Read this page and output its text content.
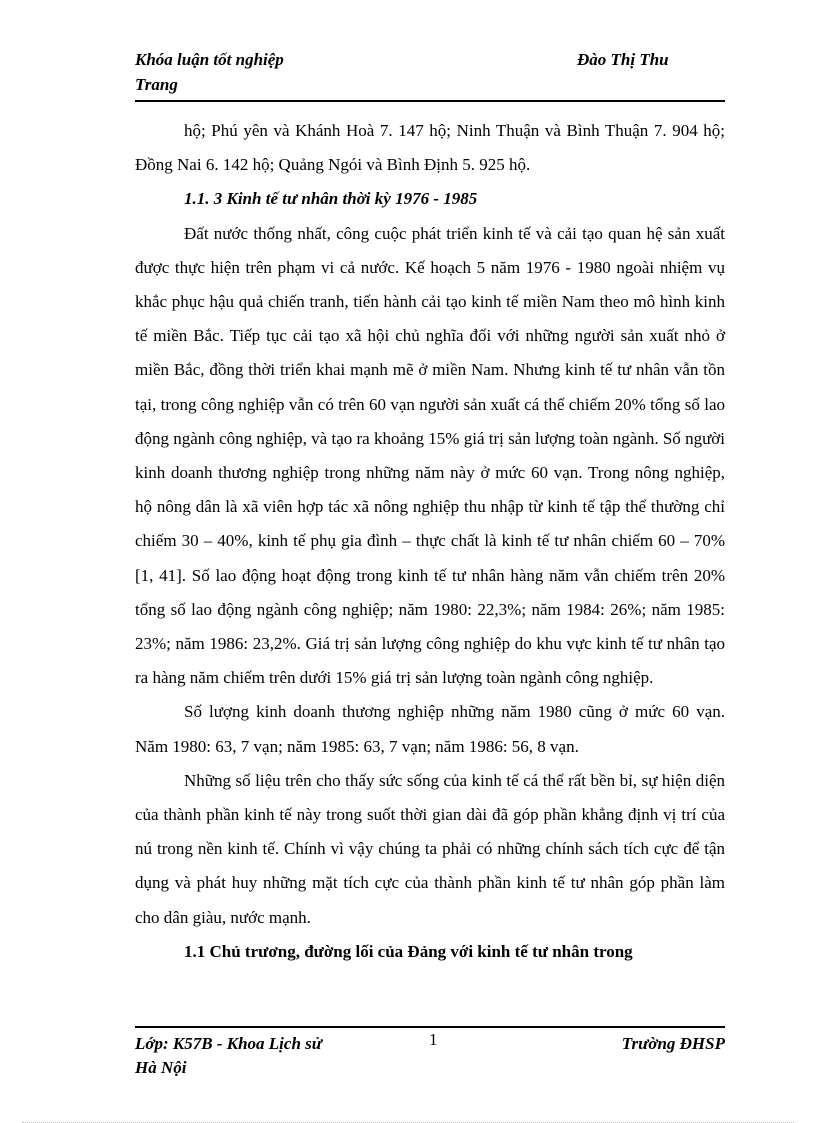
Khóa luận tốt nghiệp	Đào Thị Thu
Trang

hộ; Phú yên và Khánh Hoà 7. 147 hộ; Ninh Thuận và Bình Thuận 7. 904 hộ; Đồng Nai 6. 142 hộ; Quảng Ngói và Bình Định 5. 925 hộ.

1.1. 3 Kinh tế tư nhân thời kỳ 1976 - 1985

Đất nước thống nhất, công cuộc phát triển kinh tế và cải tạo quan hệ sản xuất được thực hiện trên phạm vi cả nước. Kế hoạch 5 năm 1976 - 1980 ngoài nhiệm vụ khắc phục hậu quả chiến tranh, tiến hành cải tạo kinh tế miền Nam theo mô hình kinh tế miền Bắc. Tiếp tục cải tạo xã hội chủ nghĩa đối với những người sản xuất nhỏ ở miền Bắc, đồng thời triển khai mạnh mẽ ở miền Nam. Nhưng kinh tế tư nhân vẫn tồn tại, trong công nghiệp vẫn có trên 60 vạn người sản xuất cá thể chiếm 20% tổng số lao động ngành công nghiệp, và tạo ra khoảng 15% giá trị sản lượng toàn ngành. Số người kinh doanh thương nghiệp trong những năm này ở mức 60 vạn. Trong nông nghiệp, hộ nông dân là xã viên hợp tác xã nông nghiệp thu nhập từ kinh tế tập thể thường chỉ chiếm 30 – 40%, kinh tế phụ gia đình – thực chất là kinh tế tư nhân chiếm 60 – 70% [1, 41]. Số lao động hoạt động trong kinh tế tư nhân hàng năm vẫn chiếm trên 20% tổng số lao động ngành công nghiệp; năm 1980: 22,3%; năm 1984: 26%; năm 1985: 23%; năm 1986: 23,2%. Giá trị sản lượng công nghiệp do khu vực kinh tế tư nhân tạo ra hàng năm chiếm trên dưới 15% giá trị sản lượng toàn ngành công nghiệp.

Số lượng kinh doanh thương nghiệp những năm 1980 cũng ở mức 60 vạn. Năm 1980: 63, 7 vạn; năm 1985: 63, 7 vạn; năm 1986: 56, 8 vạn.

Những số liệu trên cho thấy sức sống của kinh tế cá thể rất bền bỉ, sự hiện diện của thành phần kinh tế này trong suốt thời gian dài đã góp phần khẳng định vị trí của nú trong nền kinh tế. Chính vì vậy chúng ta phải có những chính sách tích cực để tận dụng và phát huy những mặt tích cực của thành phần kinh tế tư nhân góp phần làm cho dân giàu, nước mạnh.

1.1 Chủ trương, đường lối của Đảng với kinh tế tư nhân trong

Lớp: K57B - Khoa Lịch sử	1	Trường ĐHSP
Hà Nội
